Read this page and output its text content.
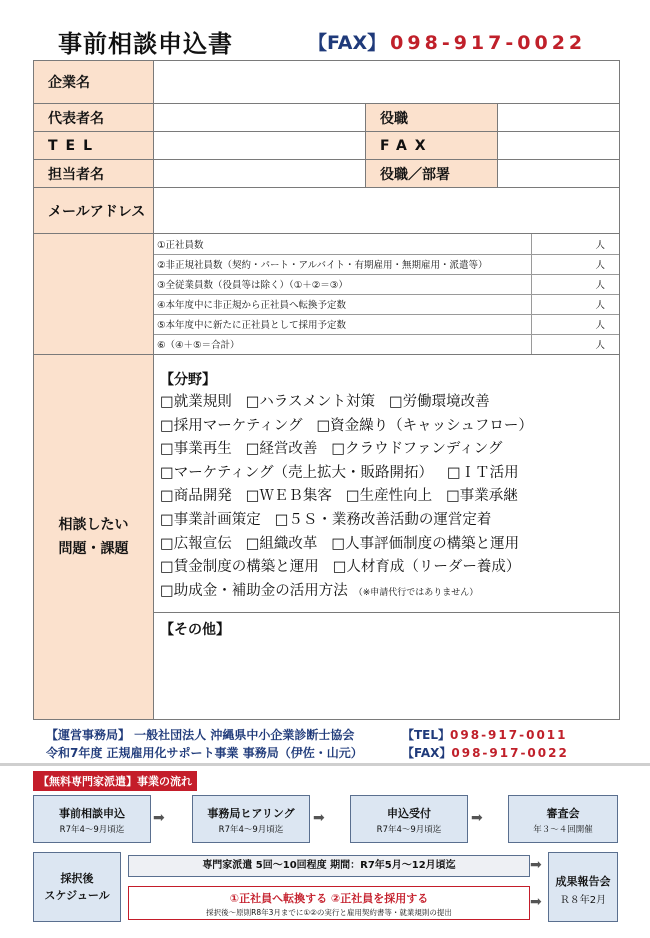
事前相談申込書	【FAX】 098-917-0022
企業名	
代表者名		役職	
TEL		FAX	
担当者名		役職／部署	
メールアドレス	

①正社員数	人
②非正規社員数（契約・パート・アルバイト・有期雇用・無期雇用・派遣等）	人
③全従業員数（役員等は除く）（①＋②＝③）	人
④本年度中に非正規から正社員へ転換予定数	人
⑤本年度中に新たに正社員として採用予定数	人
⑥（④＋⑤＝合計）	人

相談したい
問題・課題	
【分野】
□就業規則 □ハラスメント対策 □労働環境改善
□採用マーケティング □資金繰り（キャッシュフロー）
□事業再生 □経営改善 □クラウドファンディング
□マーケティング（売上拡大・販路開拓） □ＩＴ活用
□商品開発 □ＷＥＢ集客 □生産性向上 □事業承継
□事業計画策定 □５Ｓ・業務改善活動の運営定着
□広報宣伝 □組織改革 □人事評価制度の構築と運用
□賃金制度の構築と運用 □人材育成（リーダー養成）
□助成金・補助金の活用方法 （※申請代行ではありません）

【その他】
【運営事務局】 一般社団法人 沖縄県中小企業診断士協会	【TEL】098-917-0011
令和7年度 正規雇用化サポート事業 事務局（伊佐・山元）	【FAX】098-917-0022
【無料専門家派遣】事業の流れ
事前相談申込
R7年4～9月頃迄
➡	事務局ヒアリング
R7年4～9月頃迄
➡	申込受付
R7年4～9月頃迄
➡	審査会
年３～４回開催
採択後
スケジュール
専門家派遣 5回～10回程度 期間：R7年5月～12月頃迄	➡
①正社員へ転換する ②正社員を採用する
採択後～原則R8年3月までに①②の実行と雇用契約書等・就業規則の提出
➡
成果報告会
Ｒ８年2月
